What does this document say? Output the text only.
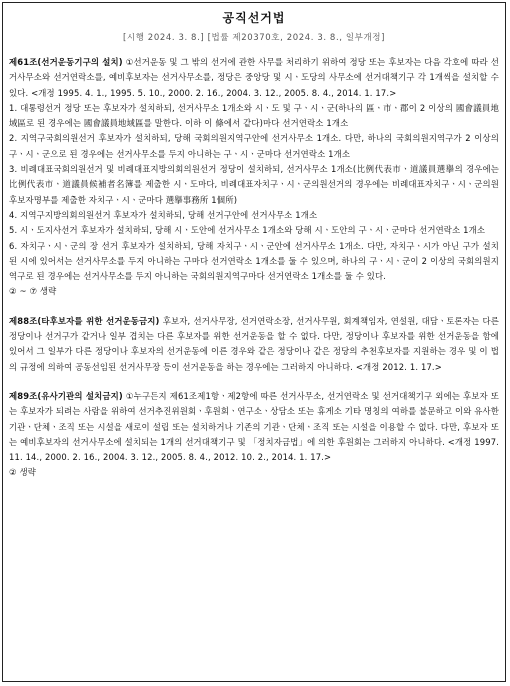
공직선거법
[시행 2024. 3. 8.] [법률 제20370호, 2024. 3. 8., 일부개정]

제61조(선거운동기구의 설치) ①선거운동 및 그 밖의 선거에 관한 사무를 처리하기 위하여 정당 또는 후보자는 다음 각호에 따라 선거사무소와 선거연락소를, 예비후보자는 선거사무소를, 정당은 중앙당 및 시ㆍ도당의 사무소에 선거대책기구 각 1개씩을 설치할 수 있다. <개정 1995. 4. 1., 1995. 5. 10., 2000. 2. 16., 2004. 3. 12., 2005. 8. 4., 2014. 1. 17.>

1. 대통령선거 정당 또는 후보자가 설치하되, 선거사무소 1개소와 시ㆍ도 및 구ㆍ시ㆍ군(하나의 區ㆍ市ㆍ郡이 2 이상의 國會議員地域區로 된 경우에는 國會議員地域區를 말한다. 이하 이 條에서 같다)마다 선거연락소 1개소

2. 지역구국회의원선거 후보자가 설치하되, 당해 국회의원지역구안에 선거사무소 1개소. 다만, 하나의 국회의원지역구가 2 이상의 구ㆍ시ㆍ군으로 된 경우에는 선거사무소를 두지 아니하는 구ㆍ시ㆍ군마다 선거연락소 1개소

3. 비례대표국회의원선거 및 비례대표지방의회의원선거 정당이 설치하되, 선거사무소 1개소(比例代表市ㆍ道議員選擧의 경우에는 比例代表市ㆍ道議員候補者名簿를 제출한 시ㆍ도마다, 비례대표자치구ㆍ시ㆍ군의원선거의 경우에는 비례대표자치구ㆍ시ㆍ군의원후보자명부를 제출한 자치구ㆍ시ㆍ군마다 選擧事務所 1個所)

4. 지역구지방의회의원선거 후보자가 설치하되, 당해 선거구안에 선거사무소 1개소

5. 시ㆍ도지사선거 후보자가 설치하되, 당해 시ㆍ도안에 선거사무소 1개소와 당해 시ㆍ도안의 구ㆍ시ㆍ군마다 선거연락소 1개소

6. 자치구ㆍ시ㆍ군의 장 선거 후보자가 설치하되, 당해 자치구ㆍ시ㆍ군안에 선거사무소 1개소. 다만, 자치구ㆍ시가 아닌 구가 설치된 시에 있어서는 선거사무소를 두지 아니하는 구마다 선거연락소 1개소를 둘 수 있으며, 하나의 구ㆍ시ㆍ군이 2 이상의 국회의원지역구로 된 경우에는 선거사무소를 두지 아니하는 국회의원지역구마다 선거연락소 1개소를 둘 수 있다.

② ~ ⑦ 생략

제88조(타후보자를 위한 선거운동금지) 후보자, 선거사무장, 선거연락소장, 선거사무원, 회계책임자, 연설원, 대담ㆍ토론자는 다른 정당이나 선거구가 같거나 일부 겹치는 다른 후보자를 위한 선거운동을 할 수 없다. 다만, 정당이나 후보자를 위한 선거운동을 함에 있어서 그 일부가 다른 정당이나 후보자의 선거운동에 이른 경우와 같은 정당이나 같은 정당의 추천후보자를 지원하는 경우 및 이 법의 규정에 의하여 공동선임된 선거사무장 등이 선거운동을 하는 경우에는 그러하지 아니하다. <개정 2012. 1. 17.>

제89조(유사기관의 설치금지) ①누구든지 제61조제1항ㆍ제2항에 따른 선거사무소, 선거연락소 및 선거대책기구 외에는 후보자 또는 후보자가 되려는 사람을 위하여 선거추진위원회ㆍ후원회ㆍ연구소ㆍ상담소 또는 휴게소 기타 명칭의 여하를 불문하고 이와 유사한 기관ㆍ단체ㆍ조직 또는 시설을 새로이 설립 또는 설치하거나 기존의 기관ㆍ단체ㆍ조직 또는 시설을 이용할 수 없다. 다만, 후보자 또는 예비후보자의 선거사무소에 설치되는 1개의 선거대책기구 및 「정치자금법」에 의한 후원회는 그러하지 아니하다. <개정 1997. 11. 14., 2000. 2. 16., 2004. 3. 12., 2005. 8. 4., 2012. 10. 2., 2014. 1. 17.>

② 생략
